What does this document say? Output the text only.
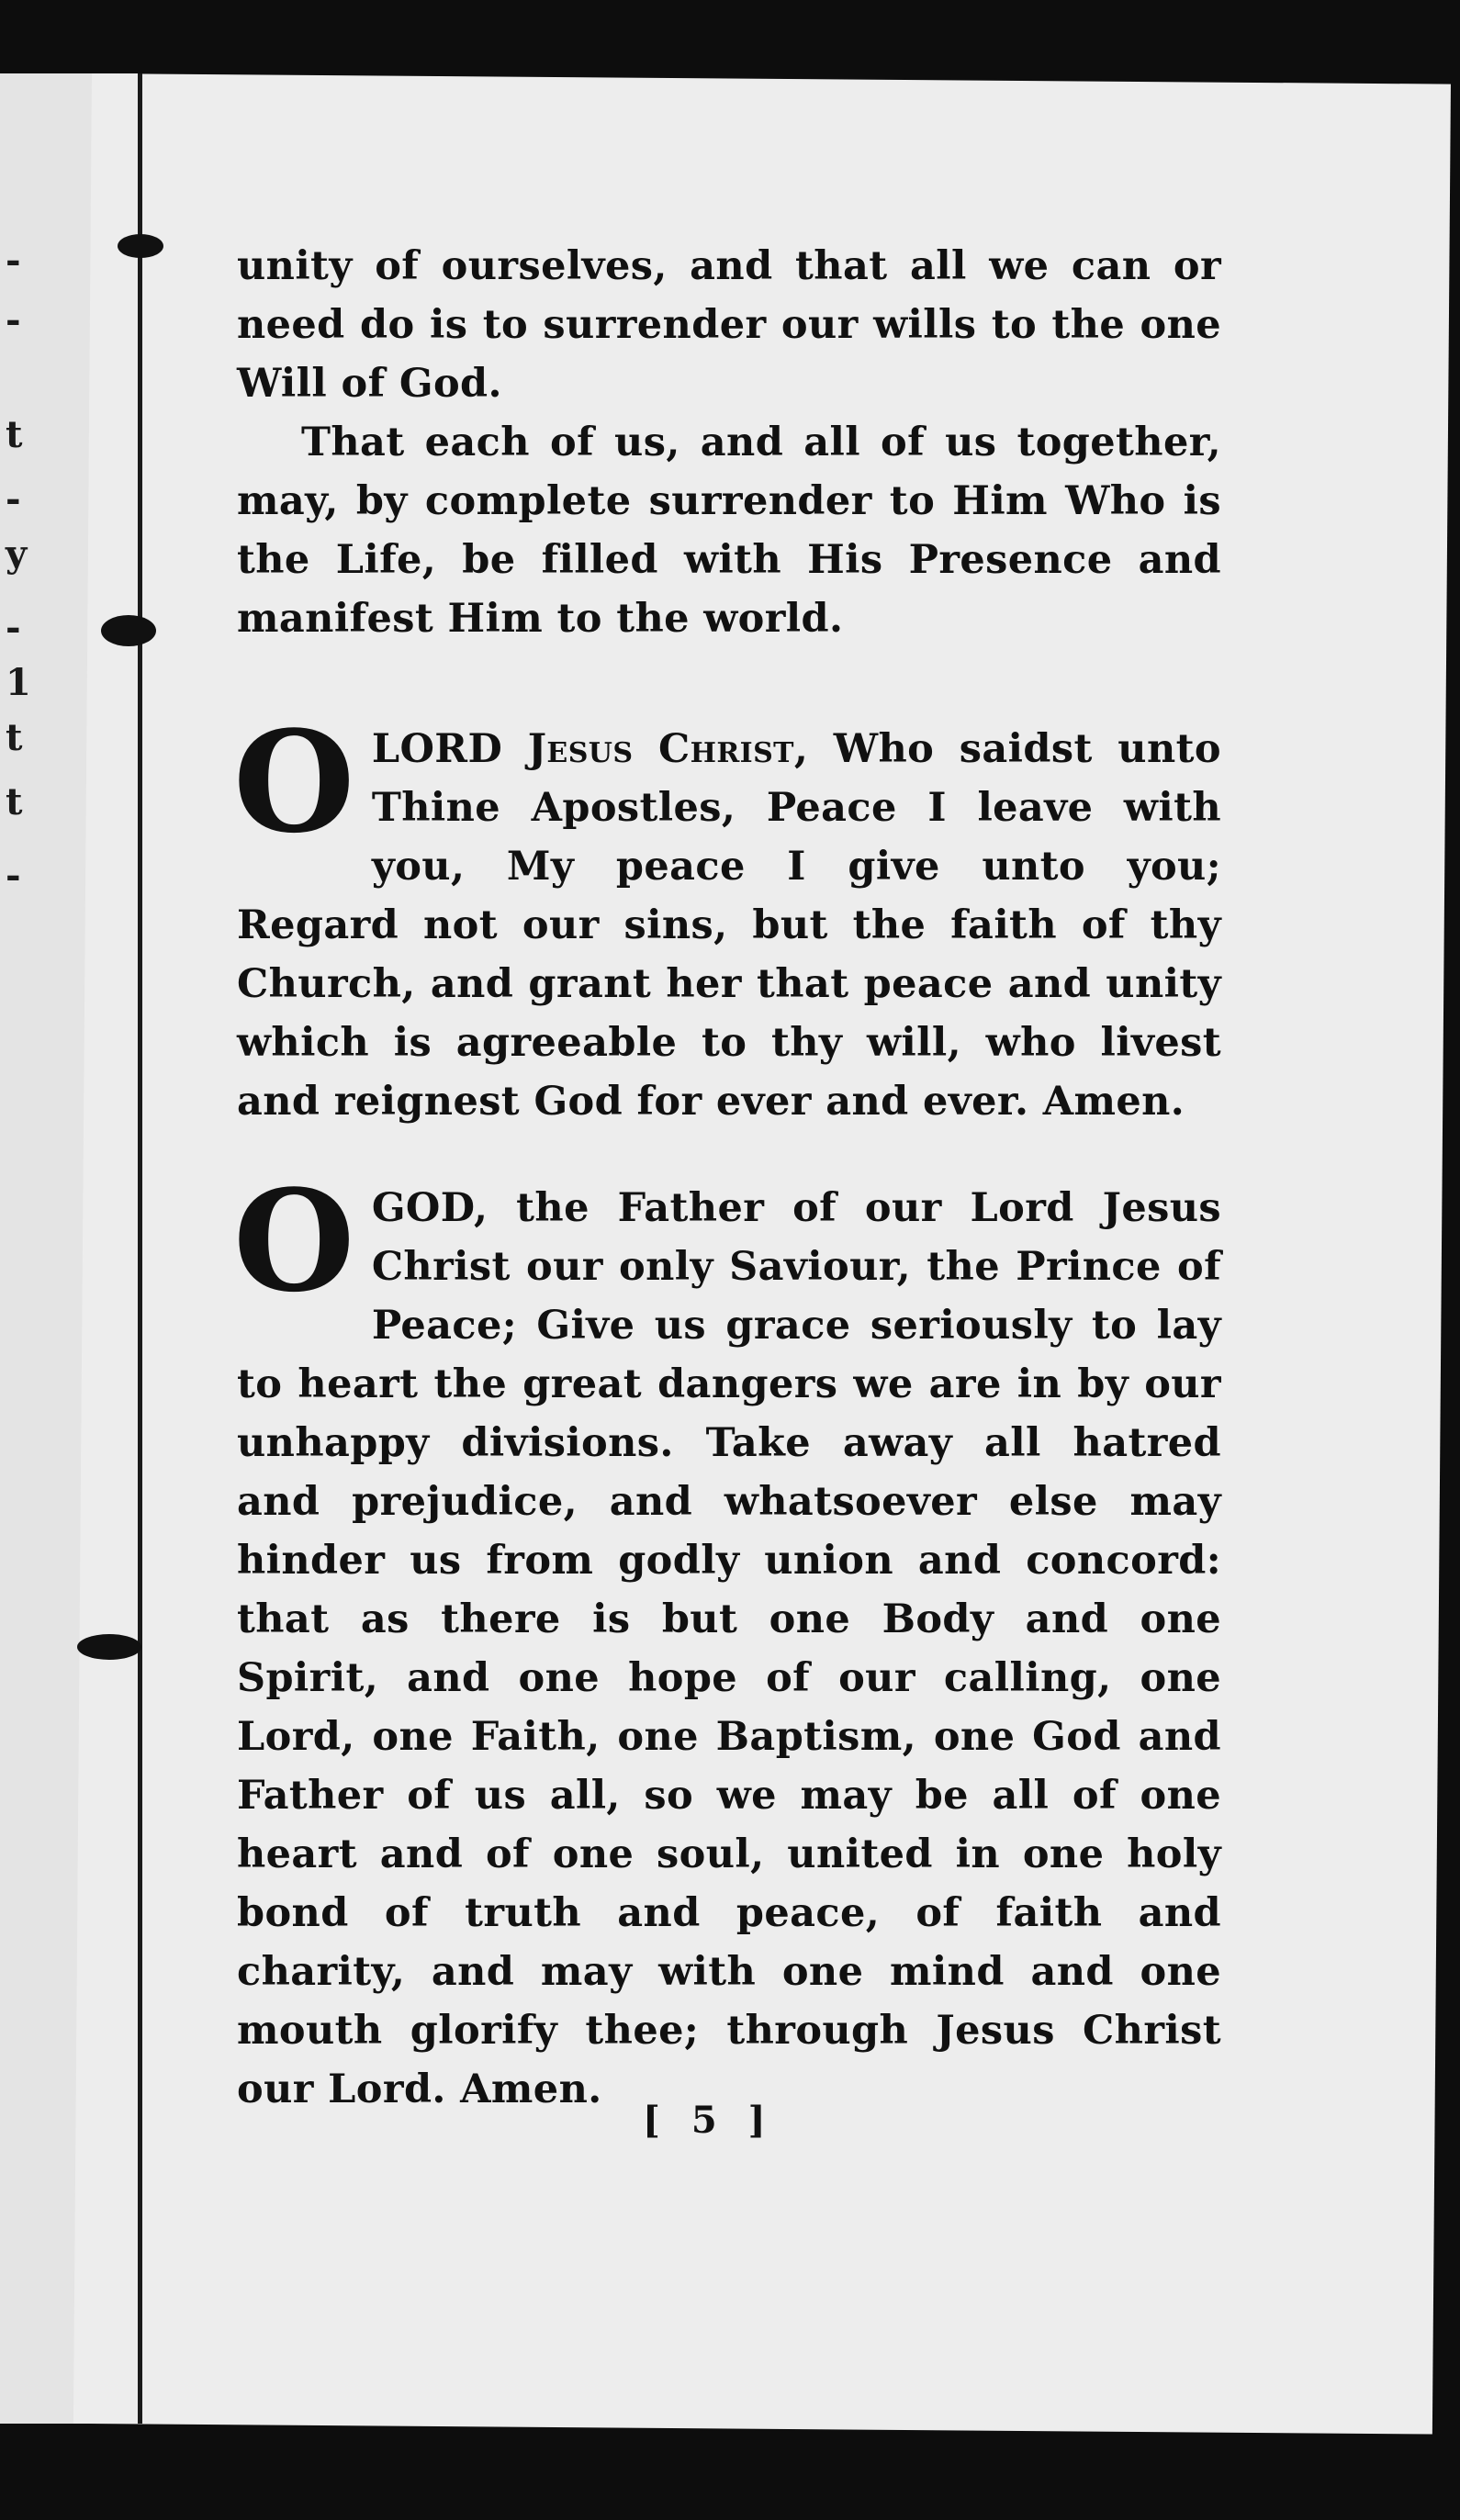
-
-
t
-
y
-
1
t
t
-

unity of ourselves, and that all we can or need do is to surrender our wills to the one Will of God.

That each of us, and all of us together, may, by complete surrender to Him Who is the Life, be filled with His Presence and manifest Him to the world.

OLORD Jesus Christ, Who saidst unto Thine Apostles, Peace I leave with you, My peace I give unto you; Regard not our sins, but the faith of thy Church, and grant her that peace and unity which is agreeable to thy will, who livest and reignest God for ever and ever. Amen.

OGOD, the Father of our Lord Jesus Christ our only Saviour, the Prince of Peace; Give us grace seriously to lay to heart the great dangers we are in by our unhappy divisions. Take away all hatred and prejudice, and whatsoever else may hinder us from godly union and concord: that as there is but one Body and one Spirit, and one hope of our calling, one Lord, one Faith, one Baptism, one God and Father of us all, so we may be all of one heart and of one soul, united in one holy bond of truth and peace, of faith and charity, and may with one mind and one mouth glorify thee; through Jesus Christ our Lord. Amen.

[ 5 ]
